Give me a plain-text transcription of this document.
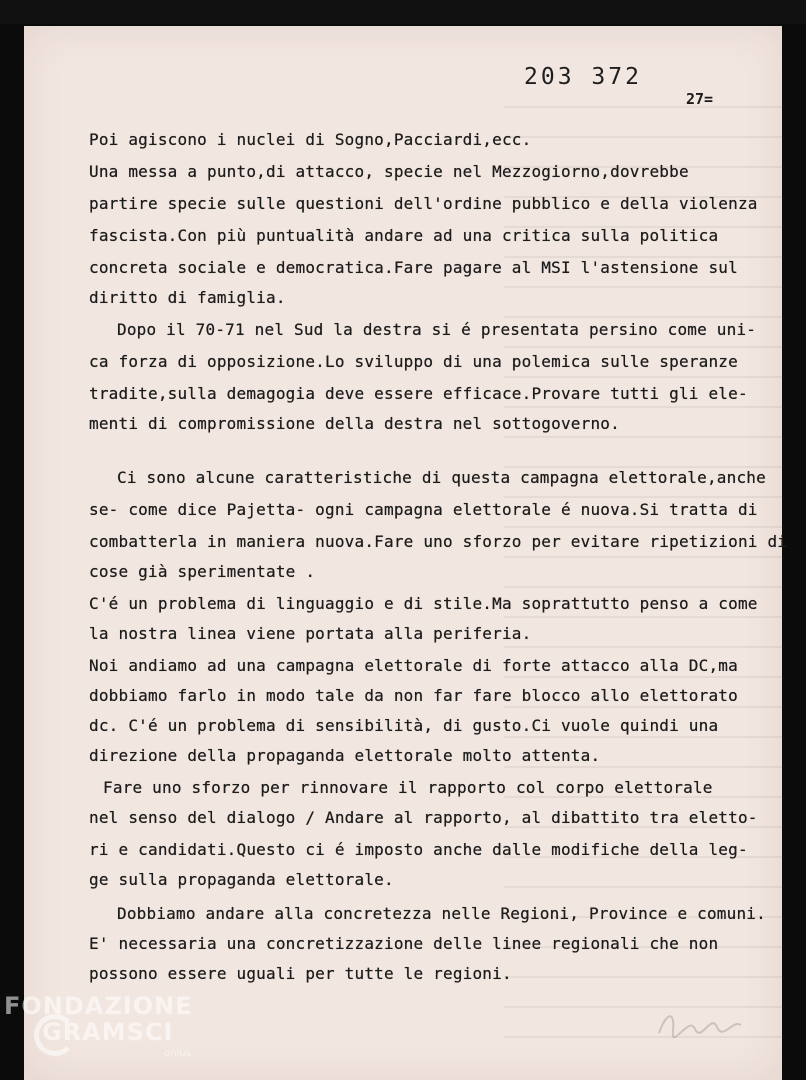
203 372
27=
Poi agiscono i nuclei di Sogno,Pacciardi,ecc.
Una messa a punto,di attacco, specie nel Mezzogiorno,dovrebbe
partire specie sulle questioni dell'ordine pubblico e della violenza
fascista.Con più puntualità andare ad una critica sulla politica
concreta sociale e democratica.Fare pagare al MSI l'astensione sul
diritto di famiglia.
Dopo il 70-71 nel Sud la destra si é presentata persino come uni-
ca forza di opposizione.Lo sviluppo di una polemica sulle speranze
tradite,sulla demagogia deve essere efficace.Provare tutti gli ele-
menti di compromissione della destra nel sottogoverno.
Ci sono alcune caratteristiche di questa campagna elettorale,anche
se- come dice Pajetta- ogni campagna elettorale é nuova.Si tratta di
combatterla in maniera nuova.Fare uno sforzo per evitare ripetizioni di
cose già sperimentate .
C'é un problema di linguaggio e di stile.Ma soprattutto penso a come
la nostra linea viene portata alla periferia.
Noi andiamo ad una campagna elettorale di forte attacco alla DC,ma
dobbiamo farlo in modo tale da non far fare blocco allo elettorato
dc. C'é un problema di sensibilità, di gusto.Ci vuole quindi una
direzione della propaganda elettorale molto attenta.
Fare uno sforzo per rinnovare il rapporto col corpo elettorale
nel senso del dialogo / Andare al rapporto, al dibattito tra eletto-
ri e candidati.Questo ci é imposto anche dalle modifiche della leg-
ge sulla propaganda elettorale.
Dobbiamo andare alla concretezza nelle Regioni, Province e comuni.
E' necessaria una concretizzazione delle linee regionali che non
possono essere uguali per tutte le regioni.
FONDAZIONE
GRAMSCI
onlus
